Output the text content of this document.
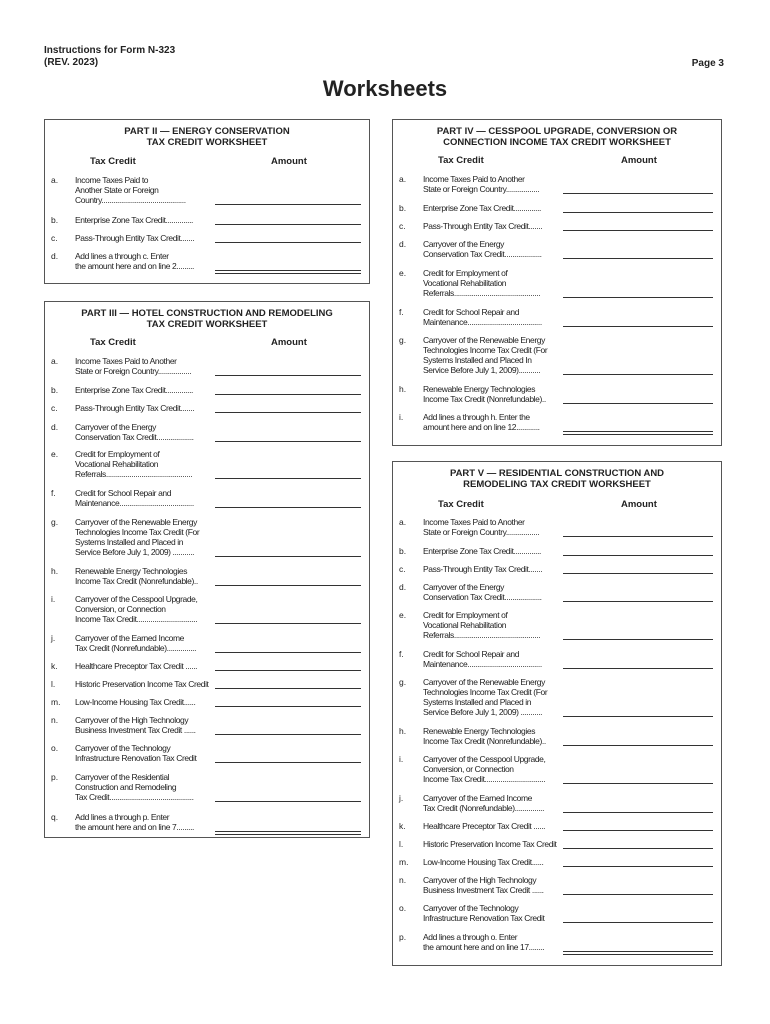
Instructions for Form N-323
(REV. 2023)	Page 3
Worksheets
PART II — ENERGY CONSERVATION
TAX CREDIT WORKSHEET
Tax Credit	Amount
a. Income Taxes Paid to
Another State or Foreign
Country...........................................
b. Enterprise Zone Tax Credit..............
c. Pass-Through Entity Tax Credit.......
d. Add lines a through c. Enter
the amount here and on line 2.........
PART III — HOTEL CONSTRUCTION AND REMODELING
TAX CREDIT WORKSHEET
Tax Credit	Amount
a. Income Taxes Paid to Another
State or Foreign Country.................
b. Enterprise Zone Tax Credit..............
c. Pass-Through Entity Tax Credit.......
d. Carryover of the Energy
Conservation Tax Credit...................
e. Credit for Employment of
Vocational Rehabilitation
Referrals............................................
f. Credit for School Repair and
Maintenance......................................
g. Carryover of the Renewable Energy
Technologies Income Tax Credit (For
Systems Installed and Placed in
Service Before July 1, 2009) ...........
h. Renewable Energy Technologies
Income Tax Credit (Nonrefundable)..
i. Carryover of the Cesspool Upgrade,
Conversion, or Connection
Income Tax Credit...............................
j. Carryover of the Earned Income
Tax Credit (Nonrefundable)...............
k. Healthcare Preceptor Tax Credit ......
l. Historic Preservation Income Tax Credit
m. Low-Income Housing Tax Credit......
n. Carryover of the High Technology
Business Investment Tax Credit ......
o. Carryover of the Technology
Infrastructure Renovation Tax Credit
p. Carryover of the Residential
Construction and Remodeling
Tax Credit...........................................
q. Add lines a through p. Enter
the amount here and on line 7.........
PART IV — CESSPOOL UPGRADE, CONVERSION OR
CONNECTION INCOME TAX CREDIT WORKSHEET
Tax Credit	Amount
a. Income Taxes Paid to Another
State or Foreign Country.................
b. Enterprise Zone Tax Credit..............
c. Pass-Through Entity Tax Credit.......
d. Carryover of the Energy
Conservation Tax Credit...................
e. Credit for Employment of
Vocational Rehabilitation
Referrals............................................
f. Credit for School Repair and
Maintenance......................................
g. Carryover of the Renewable Energy
Technologies Income Tax Credit (For
Systems Installed and Placed In
Service Before July 1, 2009)...........
h. Renewable Energy Technologies
Income Tax Credit (Nonrefundable)..
i. Add lines a through h. Enter the
amount here and on line 12............
PART V — RESIDENTIAL CONSTRUCTION AND
REMODELING TAX CREDIT WORKSHEET
Tax Credit	Amount
a. Income Taxes Paid to Another
State or Foreign Country.................
b. Enterprise Zone Tax Credit..............
c. Pass-Through Entity Tax Credit.......
d. Carryover of the Energy
Conservation Tax Credit...................
e. Credit for Employment of
Vocational Rehabilitation
Referrals............................................
f. Credit for School Repair and
Maintenance......................................
g. Carryover of the Renewable Energy
Technologies Income Tax Credit (For
Systems Installed and Placed in
Service Before July 1, 2009) ...........
h. Renewable Energy Technologies
Income Tax Credit (Nonrefundable)..
i. Carryover of the Cesspool Upgrade,
Conversion, or Connection
Income Tax Credit...............................
j. Carryover of the Earned Income
Tax Credit (Nonrefundable)...............
k. Healthcare Preceptor Tax Credit ......
l. Historic Preservation Income Tax Credit
m. Low-Income Housing Tax Credit......
n. Carryover of the High Technology
Business Investment Tax Credit ......
o. Carryover of the Technology
Infrastructure Renovation Tax Credit
p. Add lines a through o. Enter
the amount here and on line 17........
